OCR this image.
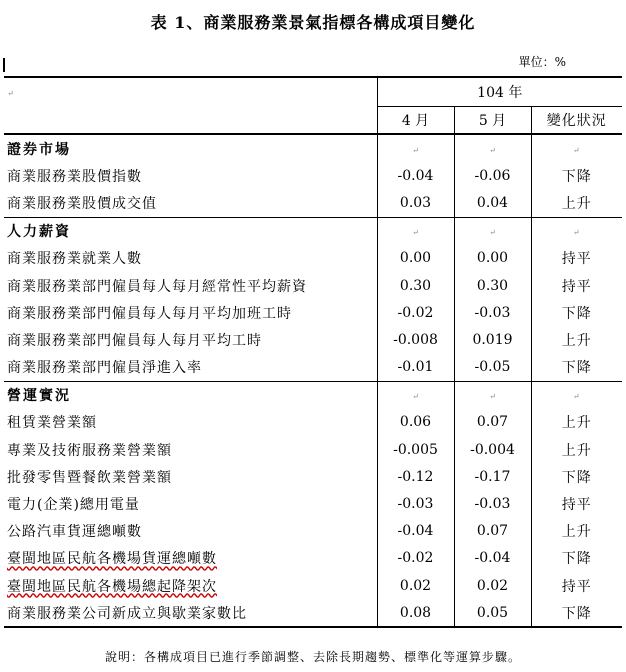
表 1、商業服務業景氣指標各構成項目變化
單位：%
↵	104 年		
	4 月	5 月	變化狀況
證券市場	↵	↵	↵
商業服務業股價指數	-0.04	-0.06	下降
商業服務業股價成交值	0.03	0.04	上升
人力薪資	↵	↵	↵
商業服務業就業人數	0.00	0.00	持平
商業服務業部門僱員每人每月經常性平均薪資	0.30	0.30	持平
商業服務業部門僱員每人每月平均加班工時	-0.02	-0.03	下降
商業服務業部門僱員每人每月平均工時	-0.008	0.019	上升
商業服務業部門僱員淨進入率	-0.01	-0.05	下降
營運實況	↵	↵	↵
租賃業營業額	0.06	0.07	上升
專業及技術服務業營業額	-0.005	-0.004	上升
批發零售暨餐飲業營業額	-0.12	-0.17	下降
電力(企業)總用電量	-0.03	-0.03	持平
公路汽車貨運總噸數	-0.04	0.07	上升
臺閩地區民航各機場貨運總噸數	-0.02	-0.04	下降
臺閩地區民航各機場總起降架次	0.02	0.02	持平
商業服務業公司新成立與歇業家數比	0.08	0.05	下降
說明：各構成項目已進行季節調整、去除長期趨勢、標準化等運算步驟。
